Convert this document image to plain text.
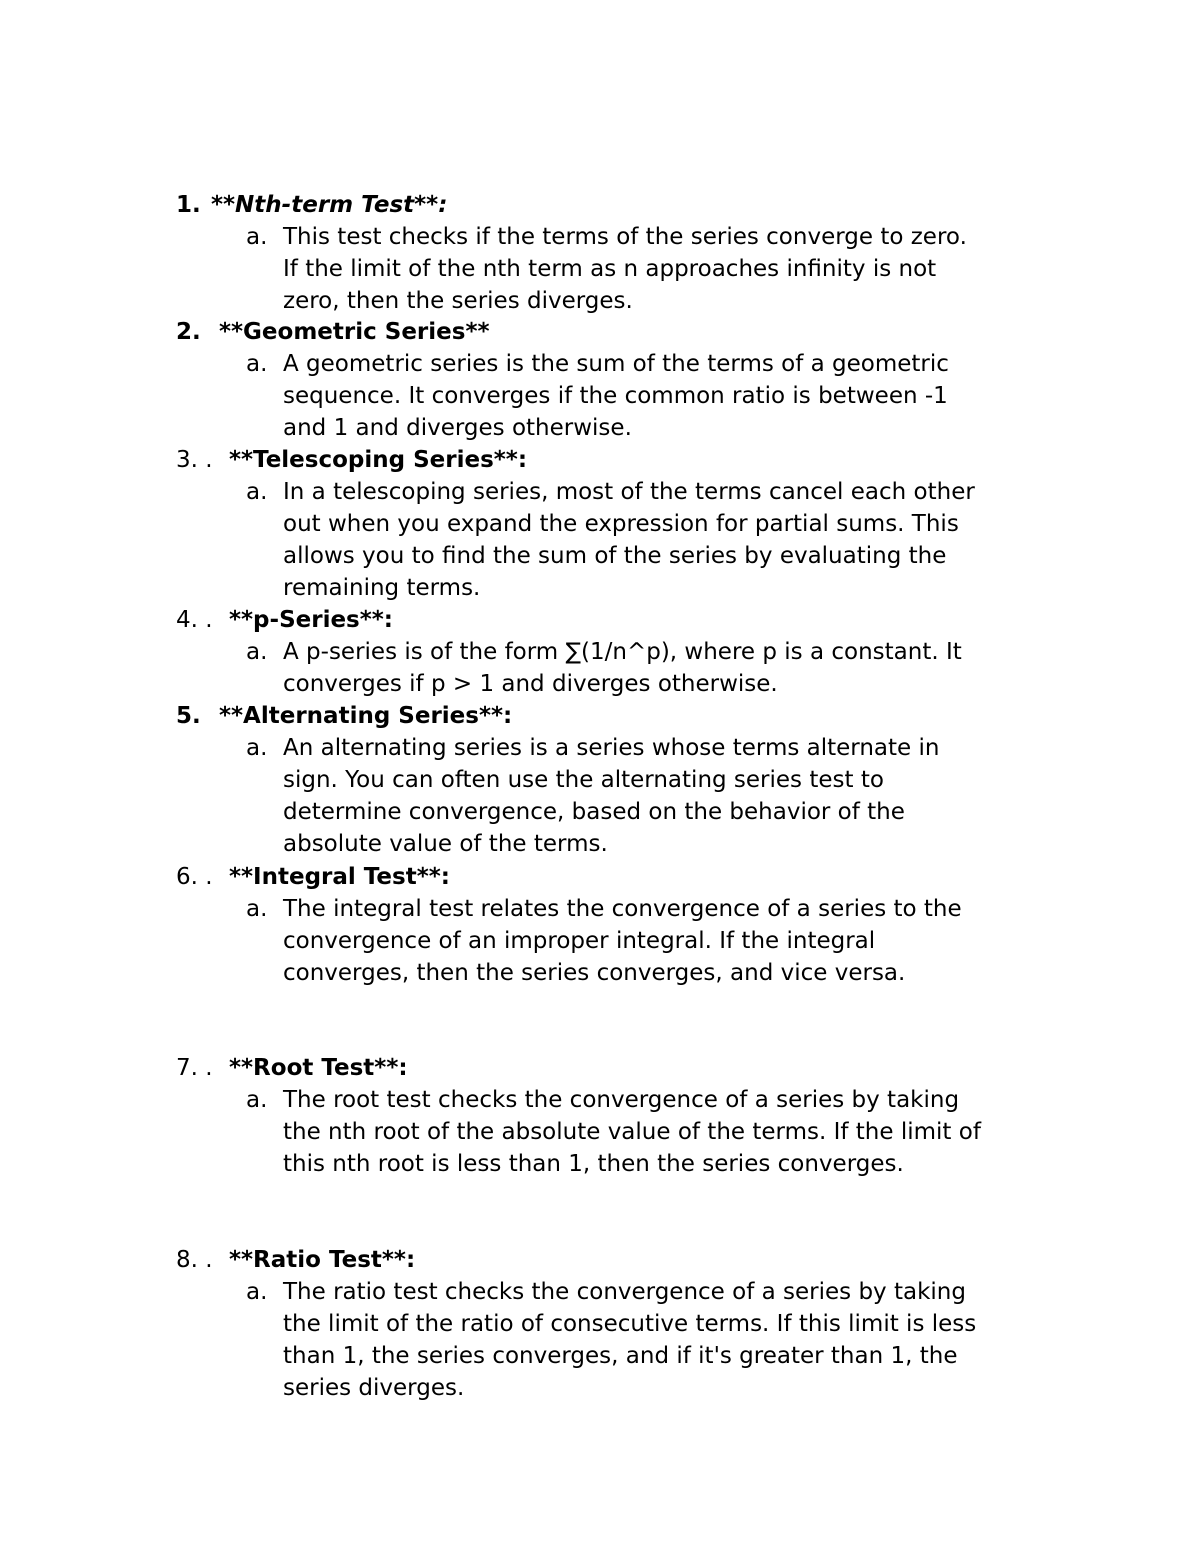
1. **Nth-term Test**:
a. This test checks if the terms of the series converge to zero.
If the limit of the nth term as n approaches infinity is not
zero, then the series diverges.
2. **Geometric Series**
a. A geometric series is the sum of the terms of a geometric
sequence. It converges if the common ratio is between -1
and 1 and diverges otherwise.
3. . **Telescoping Series**:
a. In a telescoping series, most of the terms cancel each other
out when you expand the expression for partial sums. This
allows you to find the sum of the series by evaluating the
remaining terms.
4. . **p-Series**:
a. A p-series is of the form ∑(1/n^p), where p is a constant. It
converges if p > 1 and diverges otherwise.
5. **Alternating Series**:
a. An alternating series is a series whose terms alternate in
sign. You can often use the alternating series test to
determine convergence, based on the behavior of the
absolute value of the terms.
6. . **Integral Test**:
a. The integral test relates the convergence of a series to the
convergence of an improper integral. If the integral
converges, then the series converges, and vice versa.
7. . **Root Test**:
a. The root test checks the convergence of a series by taking
the nth root of the absolute value of the terms. If the limit of
this nth root is less than 1, then the series converges.
8. . **Ratio Test**:
a. The ratio test checks the convergence of a series by taking
the limit of the ratio of consecutive terms. If this limit is less
than 1, the series converges, and if it's greater than 1, the
series diverges.
